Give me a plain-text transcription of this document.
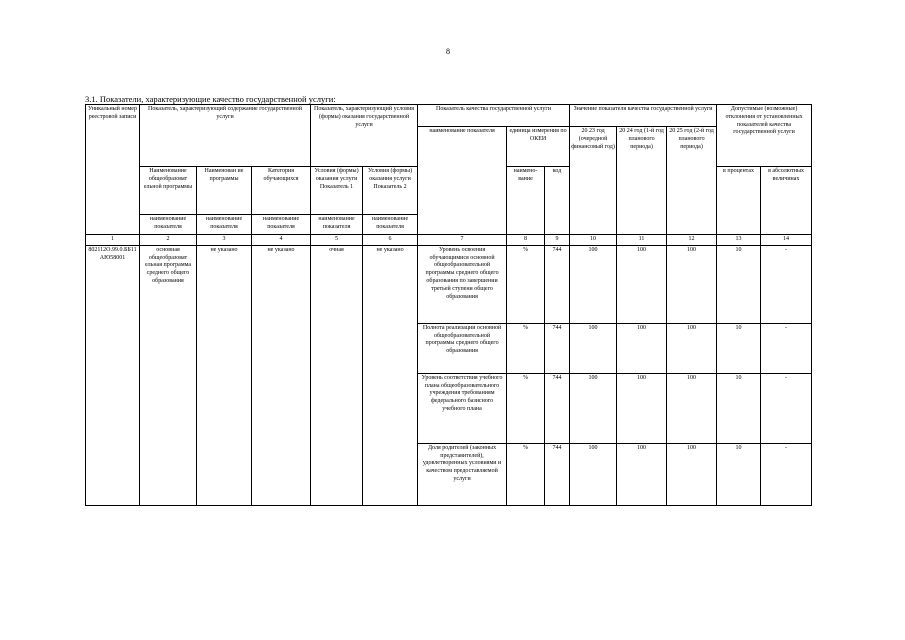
8
3.1. Показатели, характеризующие качество государственной услуги:
Уникальный номер реестровой записи	Показатель, характеризующий содержание государственной услуги			Показатель, характеризующий условия (формы) оказания государственной услуги		Показатель качества государственной услуги			Значение показателя качества государственной услуги			Допустимые (возможные) отклонения от установленных показателей качества государственной услуги	
						наименование показателя	единица измерения по ОКЕИ		20 23 год (очередной финансовый год)	20 24 год (1-й год планового периода)	20 25 год (2-й год планового периода)		
	Наименование общеобразоват ельной программы	Наименован ие программы	Категория обучающихся	Условия (формы) оказания услуги Показатель 1	Условия (формы) оказания услуги Показатель 2		наимено-вание	код				в процентах	в абсолютных величинах
	наименование показателя	наименование показателя	наименование показателя	наименование показателя	наименование показателя								
1	2	3	4	5	6	7	8	9	10	11	12	13	14
802112О.99.0.ББ11АЮ58001	основная общеобразоват ельная программа среднего общего образования	не указано	не указано	очная	не указано	Уровень освоения обучающимися основной общеобразовательной программы среднего общего образования по завершении третьей ступени общего образования	%	744	100	100	100	10	-
						Полнота реализации основной общеобразовательной программы среднего общего образования	%	744	100	100	100	10	-
						Уровень соответствия учебного плана общеобразовательного учреждения требованиям федерального базисного учебного плана	%	744	100	100	100	10	-
						Доля родителей (законных представителей), удовлетворенных условиями и качеством предоставляемой услуги	%	744	100	100	100	10	-
